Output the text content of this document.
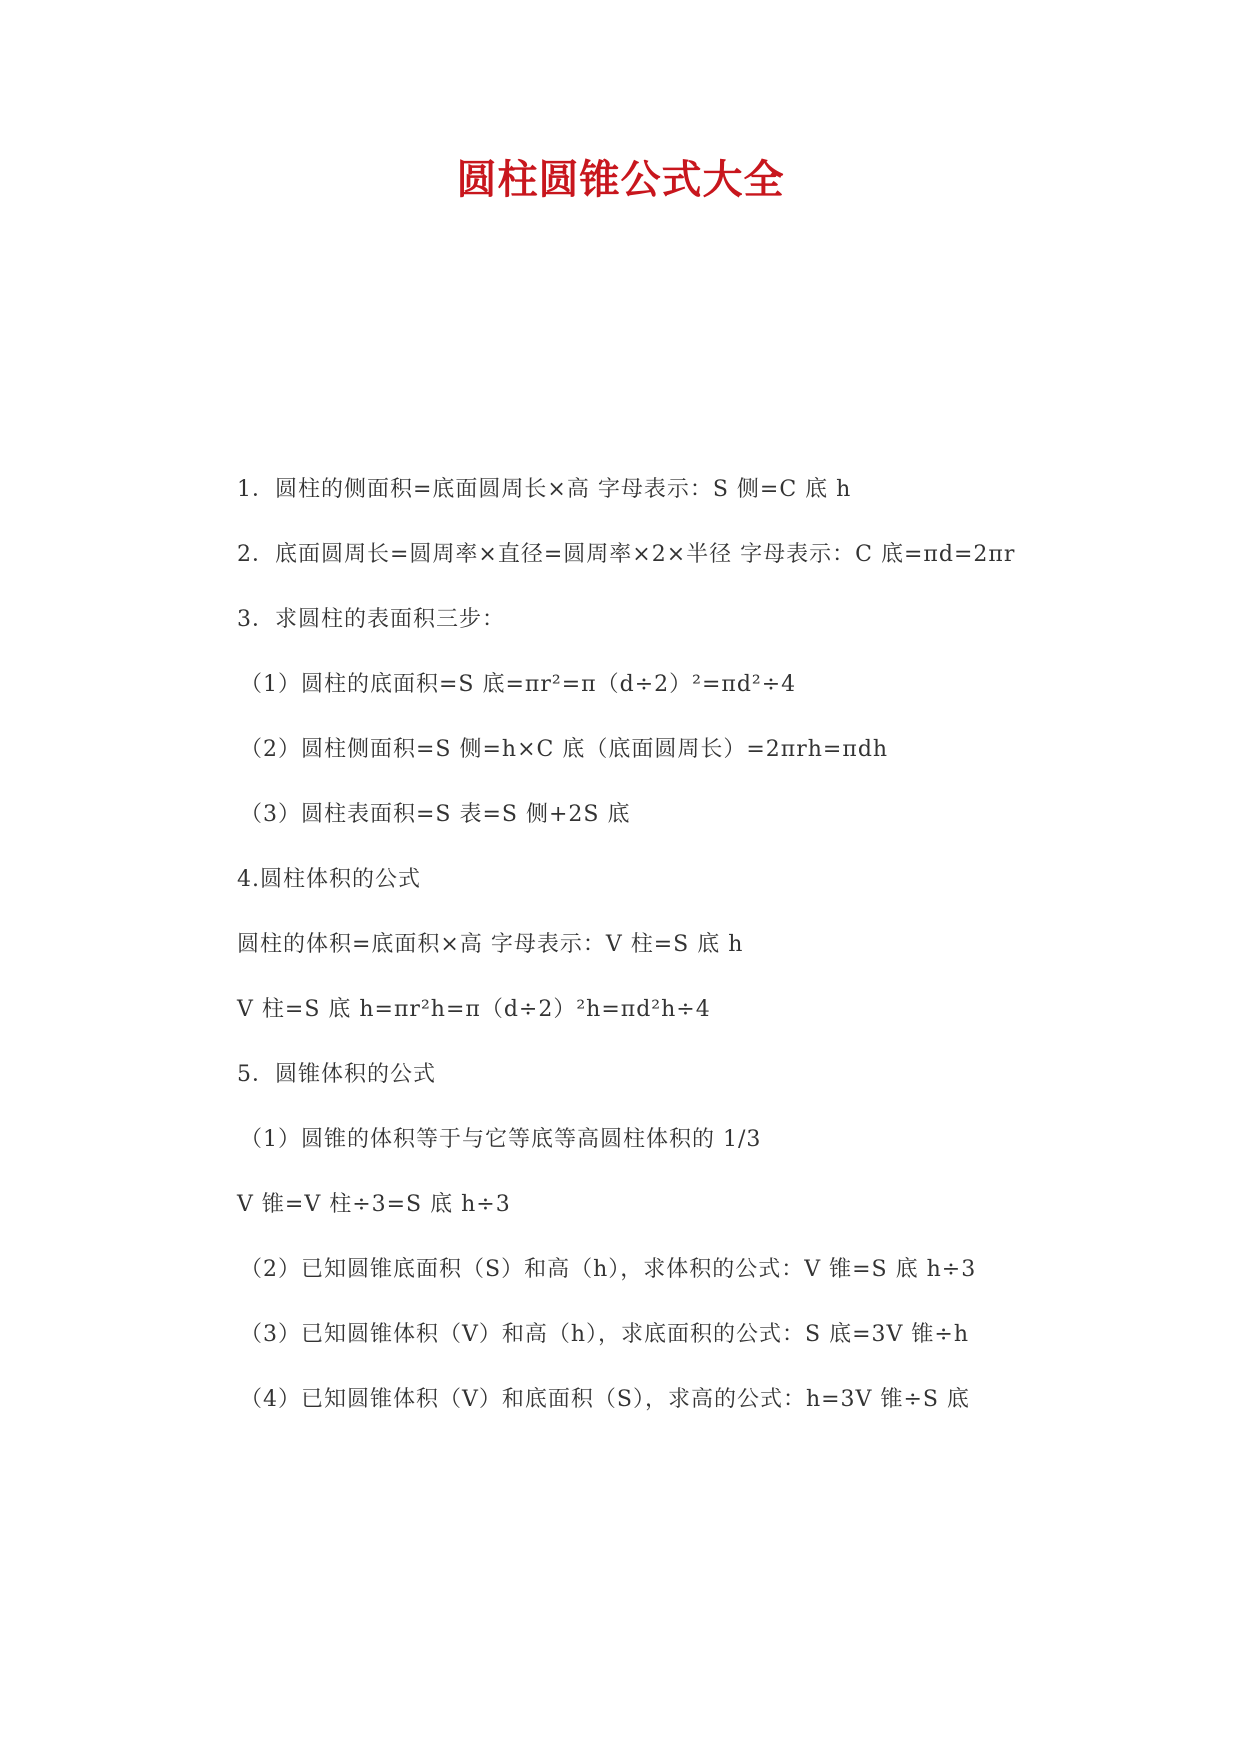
圆柱圆锥公式大全
1．圆柱的侧面积=底面圆周长×高 字母表示：S 侧=C 底 h
2．底面圆周长=圆周率×直径=圆周率×2×半径 字母表示：C 底=πd=2πr
3．求圆柱的表面积三步：
（1）圆柱的底面积=S 底=πr²=π（d÷2）²=πd²÷4
（2）圆柱侧面积=S 侧=h×C 底（底面圆周长）=2πrh=πdh
（3）圆柱表面积=S 表=S 侧+2S 底
4.圆柱体积的公式
圆柱的体积=底面积×高 字母表示：V 柱=S 底 h
V 柱=S 底 h=πr²h=π（d÷2）²h=πd²h÷4
5．圆锥体积的公式
（1）圆锥的体积等于与它等底等高圆柱体积的 1/3
V 锥=V 柱÷3=S 底 h÷3
（2）已知圆锥底面积（S）和高（h），求体积的公式：V 锥=S 底 h÷3
（3）已知圆锥体积（V）和高（h），求底面积的公式：S 底=3V 锥÷h
（4）已知圆锥体积（V）和底面积（S），求高的公式：h=3V 锥÷S 底
